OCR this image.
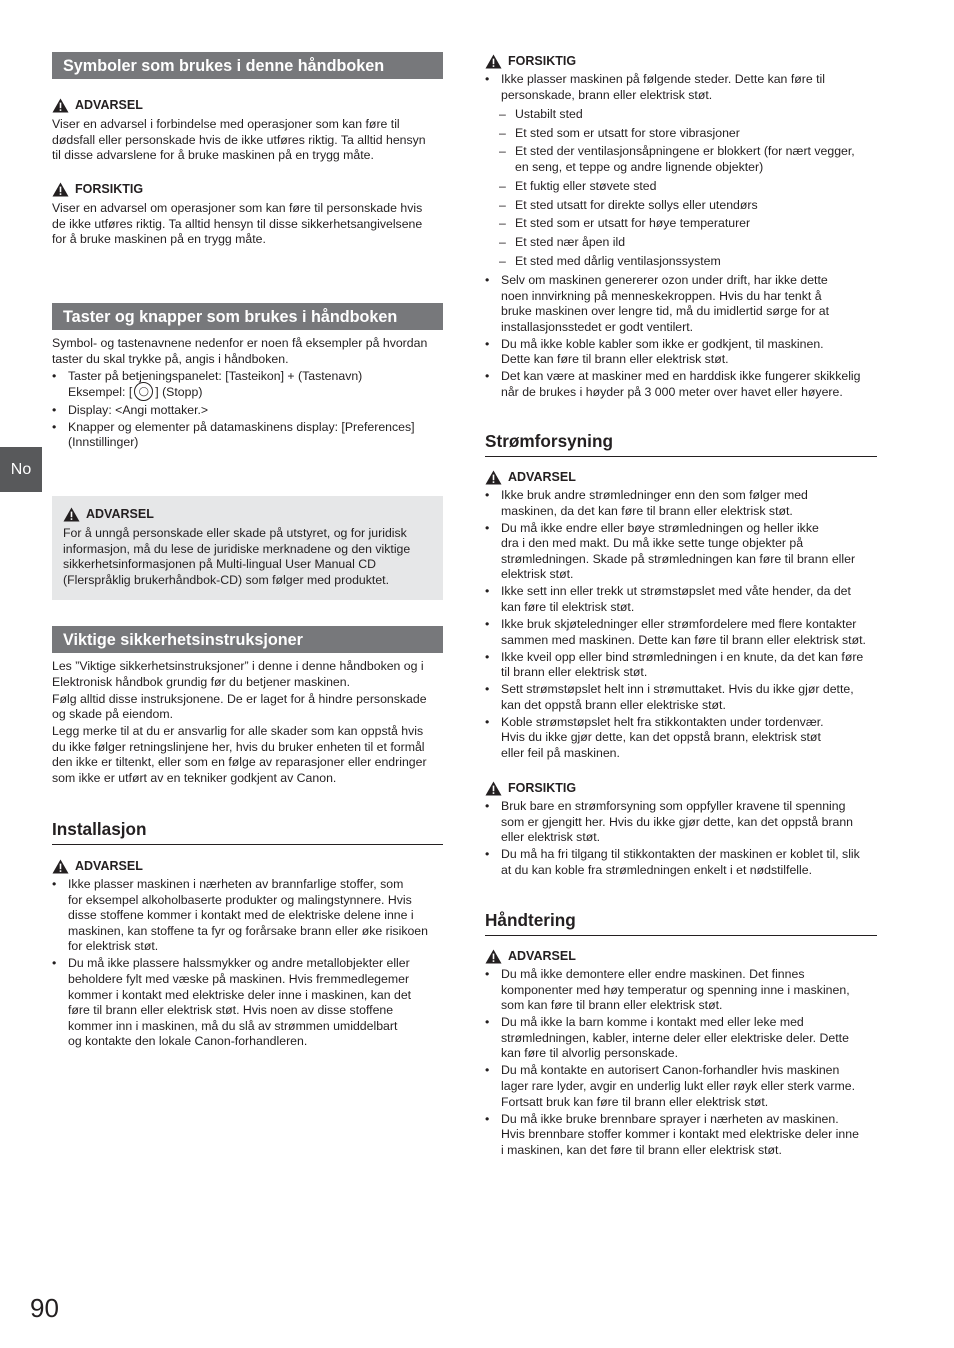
No
Symboler som brukes i denne håndboken
ADVARSEL

Viser en advarsel i forbindelse med operasjoner som kan føre til
dødsfall eller personskade hvis de ikke utføres riktig. Ta alltid hensyn
til disse advarslene for å bruke maskinen på en trygg måte.

FORSIKTIG

Viser en advarsel om operasjoner som kan føre til personskade hvis
de ikke utføres riktig. Ta alltid hensyn til disse sikkerhetsangivelsene
for å bruke maskinen på en trygg måte.

Taster og knapper som brukes i håndboken

Symbol- og tastenavnene nedenfor er noen få eksempler på hvordan
taster du skal trykke på, angis i håndboken.

• Taster på betjeningspanelet: [Tasteikon] + (Tastenavn)
Eksempel: [ ◯ ] (Stopp)
• Display: <Angi mottaker.>
• Knapper og elementer på datamaskinens display: [Preferences]
(Innstillinger)
ADVARSEL

For å unngå personskade eller skade på utstyret, og for juridisk
informasjon, må du lese de juridiske merknadene og den viktige
sikkerhetsinformasjonen på Multi-lingual User Manual CD
(Flerspråklig brukerhåndbok-CD) som følger med produktet.

Viktige sikkerhetsinstruksjoner

Les ”Viktige sikkerhetsinstruksjoner” i denne i denne håndboken og i
Elektronisk håndbok grundig før du betjener maskinen.

Følg alltid disse instruksjonene. De er laget for å hindre personskade
og skade på eiendom.

Legg merke til at du er ansvarlig for alle skader som kan oppstå hvis
du ikke følger retningslinjene her, hvis du bruker enheten til et formål
den ikke er tiltenkt, eller som en følge av reparasjoner eller endringer
som ikke er utført av en tekniker godkjent av Canon.

Installasjon
ADVARSEL
• Ikke plasser maskinen i nærheten av brannfarlige stoffer, som
for eksempel alkoholbaserte produkter og malingstynnere. Hvis
disse stoffene kommer i kontakt med de elektriske delene inne i
maskinen, kan stoffene ta fyr og forårsake brann eller øke risikoen
for elektrisk støt.
• Du må ikke plassere halssmykker og andre metallobjekter eller
beholdere fylt med væske på maskinen. Hvis fremmedlegemer
kommer i kontakt med elektriske deler inne i maskinen, kan det
føre til brann eller elektrisk støt. Hvis noen av disse stoffene
kommer inn i maskinen, må du slå av strømmen umiddelbart
og kontakte den lokale Canon-forhandleren.
FORSIKTIG
• Ikke plasser maskinen på følgende steder. Dette kan føre til
personskade, brann eller elektrisk støt.
– Ustabilt sted
– Et sted som er utsatt for store vibrasjoner
– Et sted der ventilasjonsåpningene er blokkert (for nært vegger,
en seng, et teppe og andre lignende objekter)
– Et fuktig eller støvete sted
– Et sted utsatt for direkte sollys eller utendørs
– Et sted som er utsatt for høye temperaturer
– Et sted nær åpen ild
– Et sted med dårlig ventilasjonssystem
• Selv om maskinen genererer ozon under drift, har ikke dette
noen innvirkning på menneskekroppen. Hvis du har tenkt å
bruke maskinen over lengre tid, må du imidlertid sørge for at
installasjonsstedet er godt ventilert.
• Du må ikke koble kabler som ikke er godkjent, til maskinen.
Dette kan føre til brann eller elektrisk støt.
• Det kan være at maskiner med en harddisk ikke fungerer skikkelig
når de brukes i høyder på 3 000 meter over havet eller høyere.
Strømforsyning
ADVARSEL
• Ikke bruk andre strømledninger enn den som følger med
maskinen, da det kan føre til brann eller elektrisk støt.
• Du må ikke endre eller bøye strømledningen og heller ikke
dra i den med makt. Du må ikke sette tunge objekter på
strømledningen. Skade på strømledningen kan føre til brann eller
elektrisk støt.
• Ikke sett inn eller trekk ut strømstøpslet med våte hender, da det
kan føre til elektrisk støt.
• Ikke bruk skjøteledninger eller strømfordelere med flere kontakter
sammen med maskinen. Dette kan føre til brann eller elektrisk støt.
• Ikke kveil opp eller bind strømledningen i en knute, da det kan føre
til brann eller elektrisk støt.
• Sett strømstøpslet helt inn i strømuttaket. Hvis du ikke gjør dette,
kan det oppstå brann eller elektriske støt.
• Koble strømstøpslet helt fra stikkontakten under tordenvær.
Hvis du ikke gjør dette, kan det oppstå brann, elektrisk støt
eller feil på maskinen.
FORSIKTIG
• Bruk bare en strømforsyning som oppfyller kravene til spenning
som er gjengitt her. Hvis du ikke gjør dette, kan det oppstå brann
eller elektrisk støt.
• Du må ha fri tilgang til stikkontakten der maskinen er koblet til, slik
at du kan koble fra strømledningen enkelt i et nødstilfelle.
Håndtering
ADVARSEL
• Du må ikke demontere eller endre maskinen. Det finnes
komponenter med høy temperatur og spenning inne i maskinen,
som kan føre til brann eller elektrisk støt.
• Du må ikke la barn komme i kontakt med eller leke med
strømledningen, kabler, interne deler eller elektriske deler. Dette
kan føre til alvorlig personskade.
• Du må kontakte en autorisert Canon-forhandler hvis maskinen
lager rare lyder, avgir en underlig lukt eller røyk eller sterk varme.
Fortsatt bruk kan føre til brann eller elektrisk støt.
• Du må ikke bruke brennbare sprayer i nærheten av maskinen.
Hvis brennbare stoffer kommer i kontakt med elektriske deler inne
i maskinen, kan det føre til brann eller elektrisk støt.
90
